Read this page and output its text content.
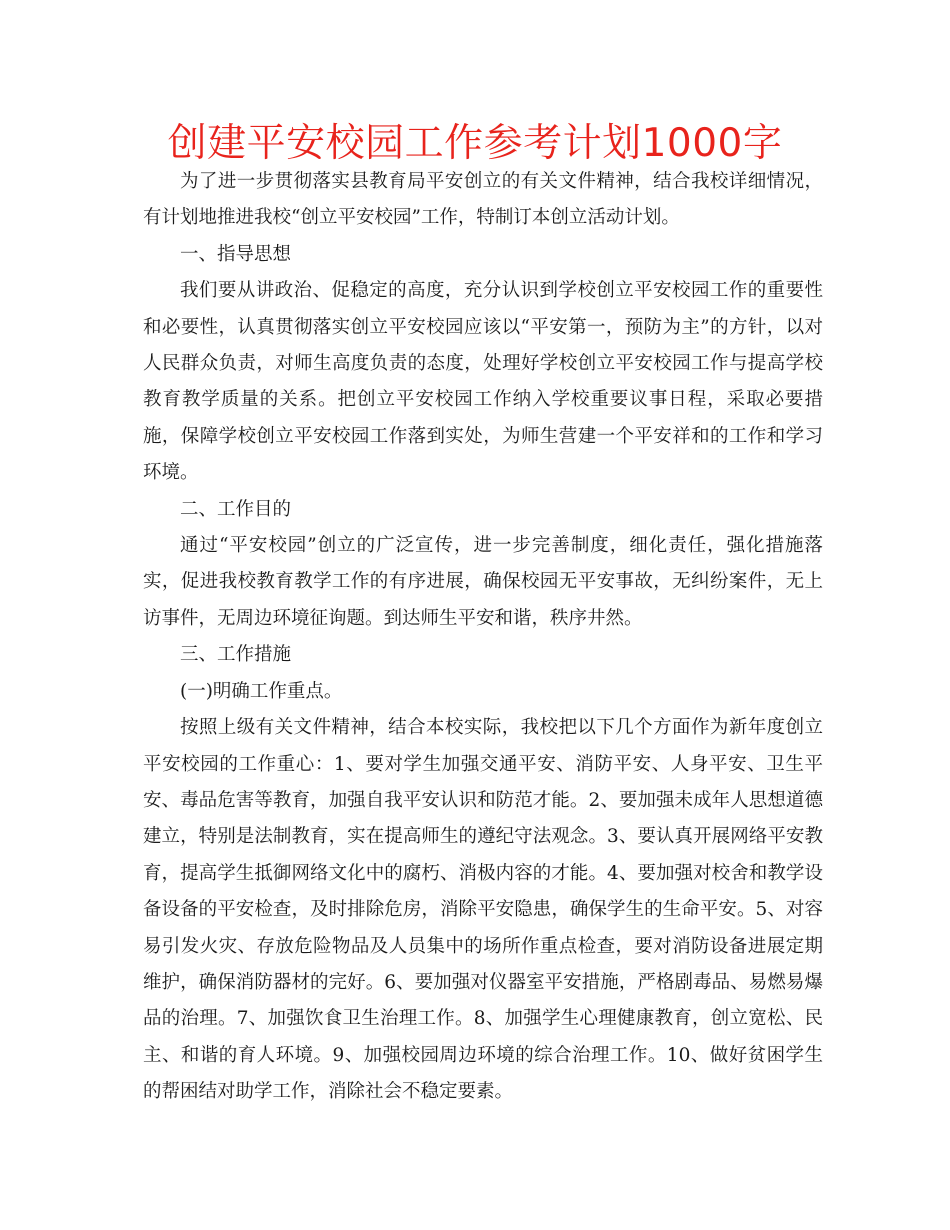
创建平安校园工作参考计划1000字

为了进一步贯彻落实县教育局平安创立的有关文件精神，结合我校详细情况，有计划地推进我校“创立平安校园”工作，特制订本创立活动计划。

一、指导思想

我们要从讲政治、促稳定的高度，充分认识到学校创立平安校园工作的重要性和必要性，认真贯彻落实创立平安校园应该以“平安第一，预防为主”的方针，以对人民群众负责，对师生高度负责的态度，处理好学校创立平安校园工作与提高学校教育教学质量的关系。把创立平安校园工作纳入学校重要议事日程，采取必要措施，保障学校创立平安校园工作落到实处，为师生营建一个平安祥和的工作和学习环境。

二、工作目的

通过“平安校园”创立的广泛宣传，进一步完善制度，细化责任，强化措施落实，促进我校教育教学工作的有序进展，确保校园无平安事故，无纠纷案件，无上访事件，无周边环境征询题。到达师生平安和谐，秩序井然。

三、工作措施

(一)明确工作重点。

按照上级有关文件精神，结合本校实际，我校把以下几个方面作为新年度创立平安校园的工作重心：1、要对学生加强交通平安、消防平安、人身平安、卫生平安、毒品危害等教育，加强自我平安认识和防范才能。2、要加强未成年人思想道德建立，特别是法制教育，实在提高师生的遵纪守法观念。3、要认真开展网络平安教育，提高学生抵御网络文化中的腐朽、消极内容的才能。4、要加强对校舍和教学设备设备的平安检查，及时排除危房，消除平安隐患，确保学生的生命平安。5、对容易引发火灾、存放危险物品及人员集中的场所作重点检查，要对消防设备进展定期维护，确保消防器材的完好。6、要加强对仪器室平安措施，严格剧毒品、易燃易爆品的治理。7、加强饮食卫生治理工作。8、加强学生心理健康教育，创立宽松、民主、和谐的育人环境。9、加强校园周边环境的综合治理工作。10、做好贫困学生的帮困结对助学工作，消除社会不稳定要素。
